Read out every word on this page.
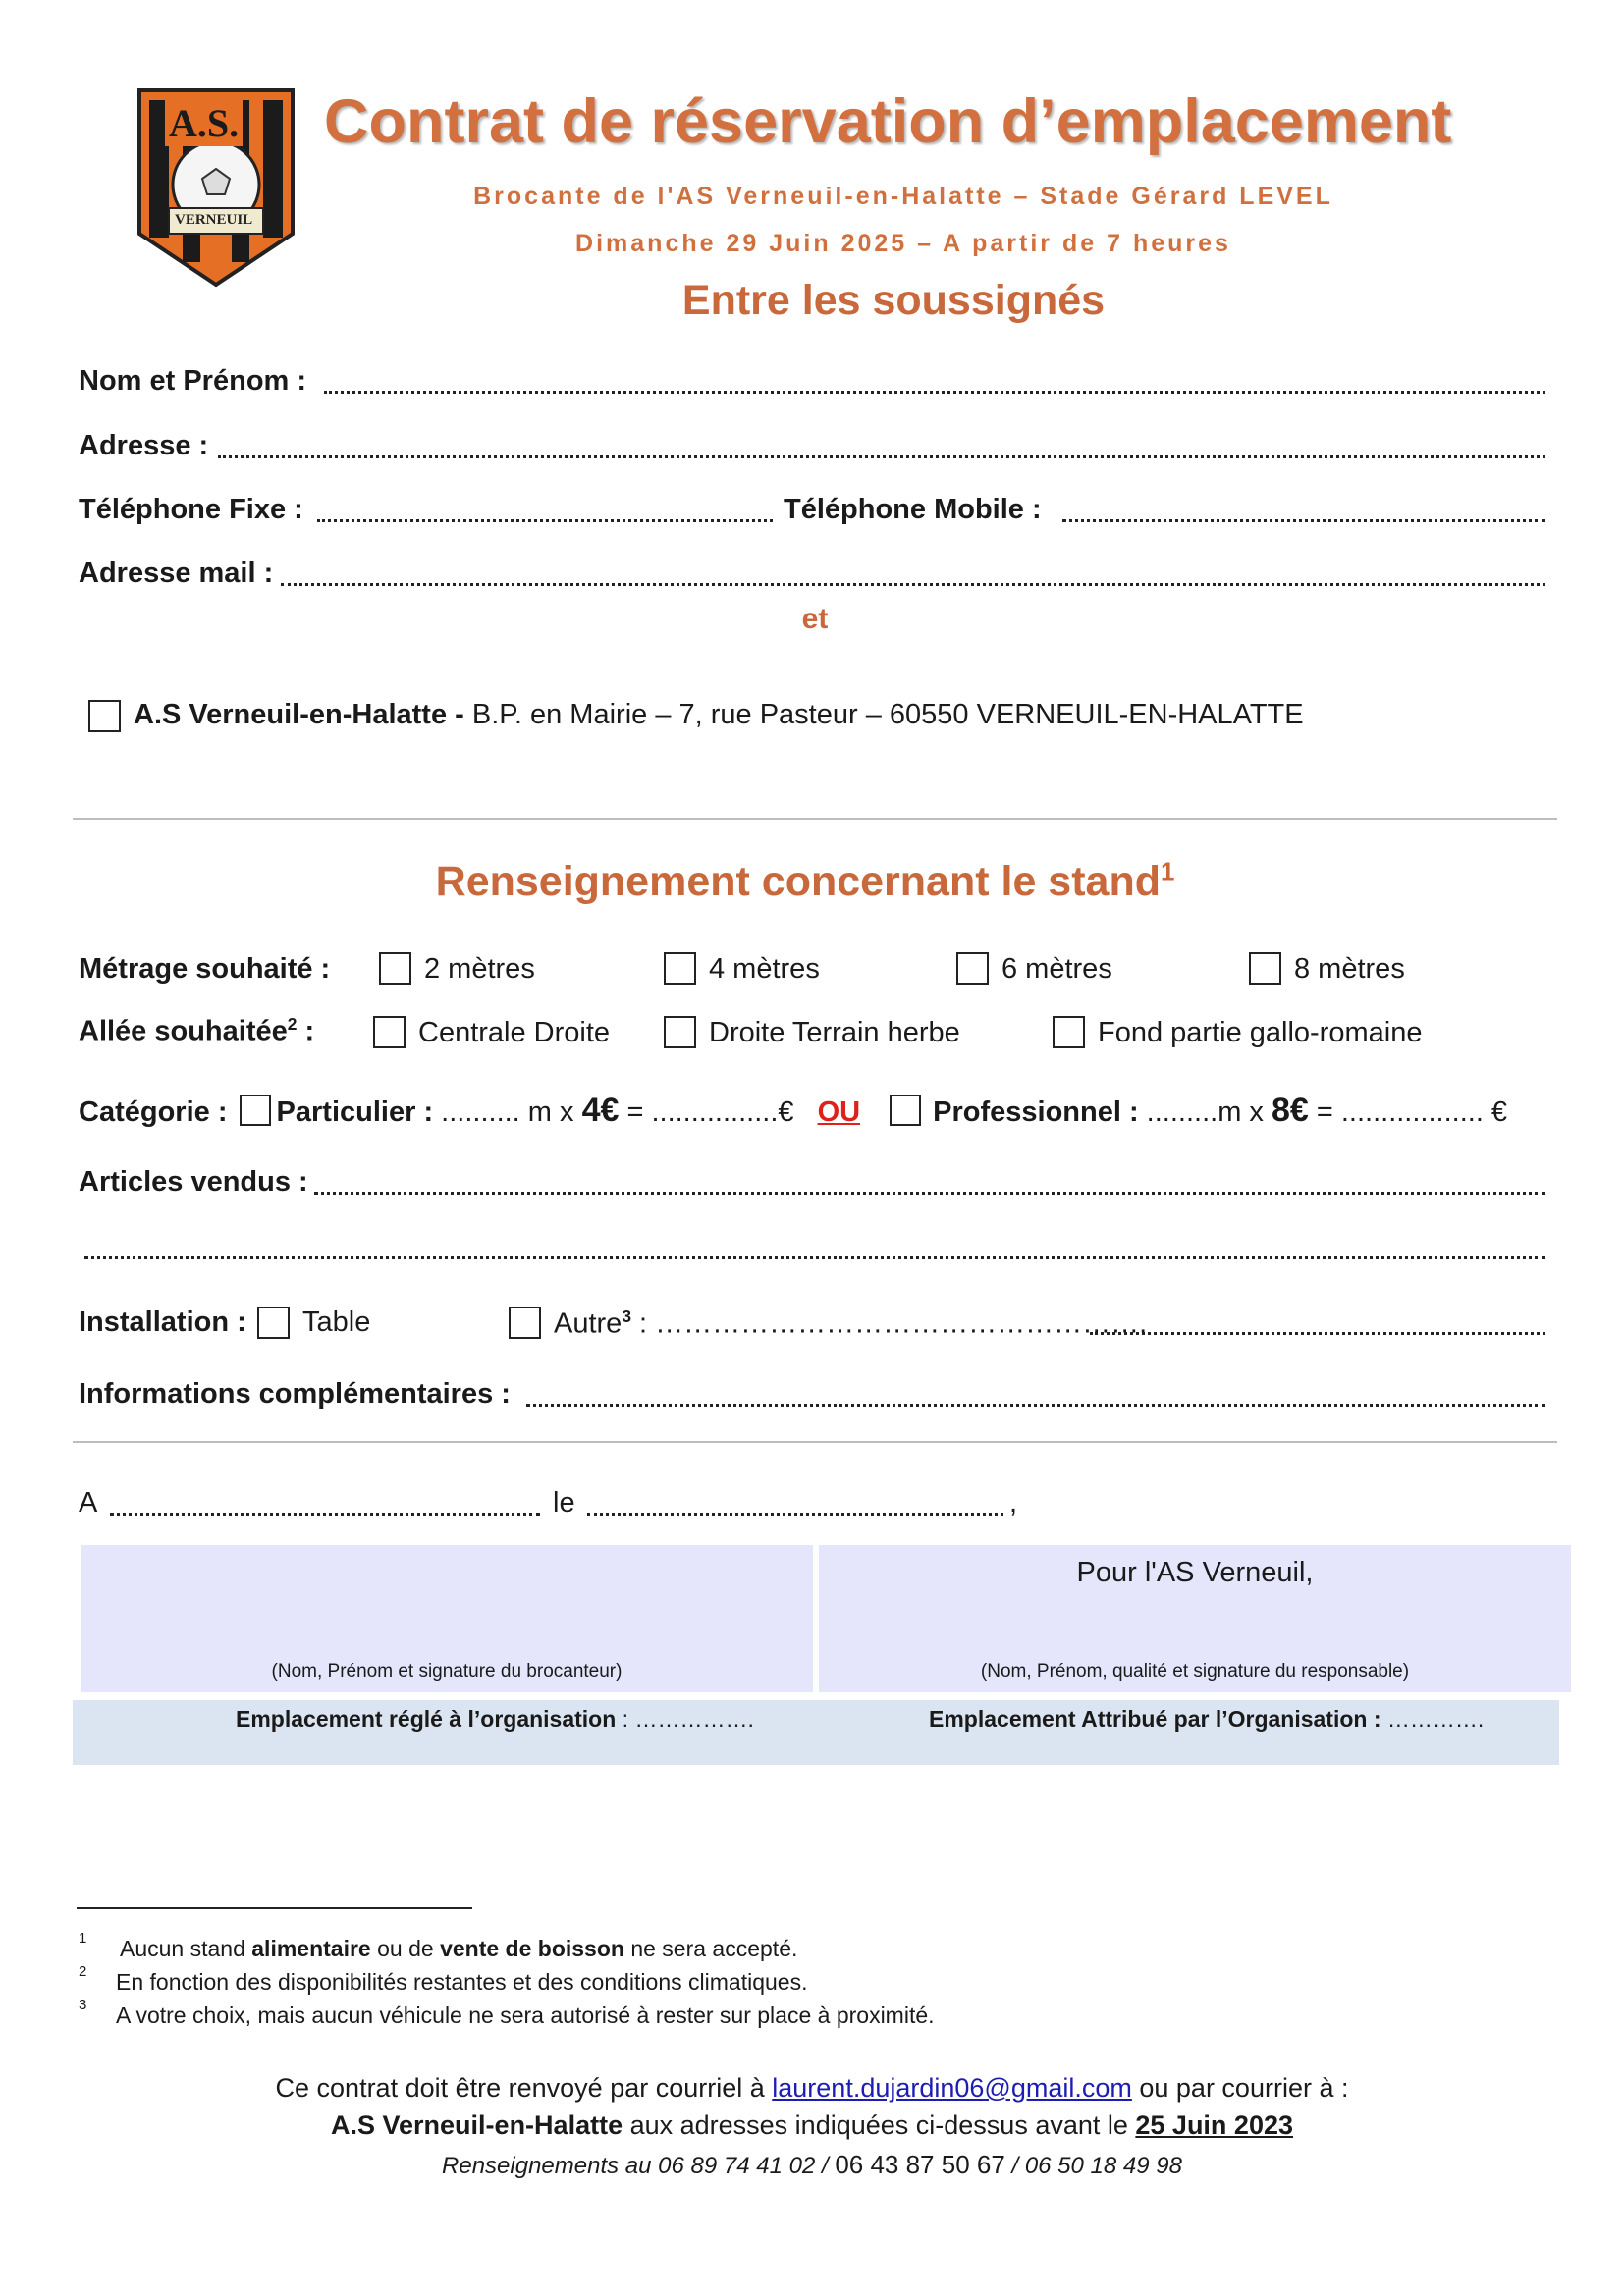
A.S.
VERNEUIL
Contrat de réservation d’emplacement
Brocante de l'AS Verneuil-en-Halatte – Stade Gérard LEVEL
Dimanche 29 Juin 2025 – A partir de 7 heures
Entre les soussignés
Nom et Prénom :
Adresse :
Téléphone Fixe :	Téléphone Mobile :
Adresse mail :
et
A.S Verneuil-en-Halatte - B.P. en Mairie – 7, rue Pasteur – 60550 VERNEUIL-EN-HALATTE
Renseignement concernant le stand$^1$
Métrage souhaité :	2 mètres	4 mètres	6 mètres	8 mètres
Allée souhaitée$^2$ :	Centrale Droite	Droite Terrain herbe	Fond partie gallo-romaine
Catégorie : Particulier : .......... m x 4€ = ................€ OU	Professionnel : .........m x 8€ = .................. €
Articles vendus :
Installation : Table	Autre$^3$ : …………………………………………….
Informations complémentaires :
A	le	,
Pour l'AS Verneuil,
(Nom, Prénom et signature du brocanteur)	(Nom, Prénom, qualité et signature du responsable)
Emplacement réglé à l’organisation : …………….	Emplacement Attribué par l’Organisation : ………….
1 Aucun stand alimentaire ou de vente de boisson ne sera accepté.
2 En fonction des disponibilités restantes et des conditions climatiques.
3 A votre choix, mais aucun véhicule ne sera autorisé à rester sur place à proximité.
Ce contrat doit être renvoyé par courriel à laurent.dujardin06@gmail.com ou par courrier à :
A.S Verneuil-en-Halatte aux adresses indiquées ci-dessus avant le 25 Juin 2023
Renseignements au 06 89 74 41 02 / 06 43 87 50 67 / 06 50 18 49 98
